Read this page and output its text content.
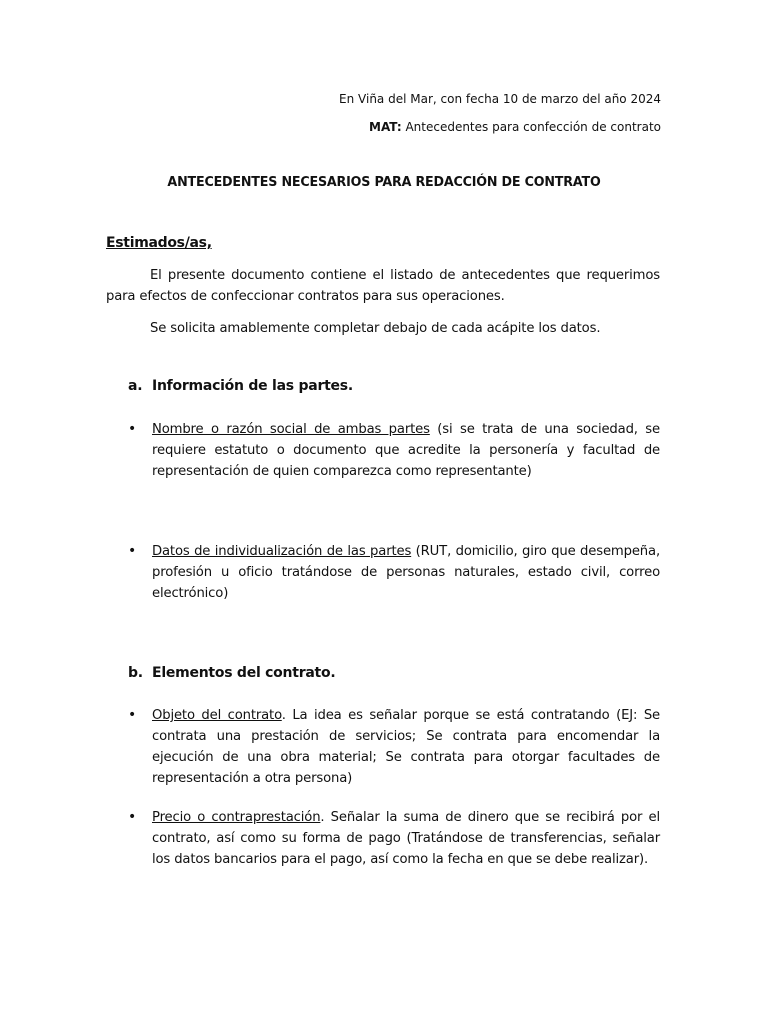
En Viña del Mar, con fecha 10 de marzo del año 2024
MAT: Antecedentes para confección de contrato
ANTECEDENTES NECESARIOS PARA REDACCIÓN DE CONTRATO
Estimados/as,
El presente documento contiene el listado de antecedentes que requerimos para efectos de confeccionar contratos para sus operaciones.
Se solicita amablemente completar debajo de cada acápite los datos.
a. Información de las partes.
• Nombre o razón social de ambas partes (si se trata de una sociedad, se requiere estatuto o documento que acredite la personería y facultad de representación de quien comparezca como representante)
• Datos de individualización de las partes (RUT, domicilio, giro que desempeña, profesión u oficio tratándose de personas naturales, estado civil, correo electrónico)
b. Elementos del contrato.
• Objeto del contrato. La idea es señalar porque se está contratando (EJ: Se contrata una prestación de servicios; Se contrata para encomendar la ejecución de una obra material; Se contrata para otorgar facultades de representación a otra persona)
• Precio o contraprestación. Señalar la suma de dinero que se recibirá por el contrato, así como su forma de pago (Tratándose de transferencias, señalar los datos bancarios para el pago, así como la fecha en que se debe realizar).
